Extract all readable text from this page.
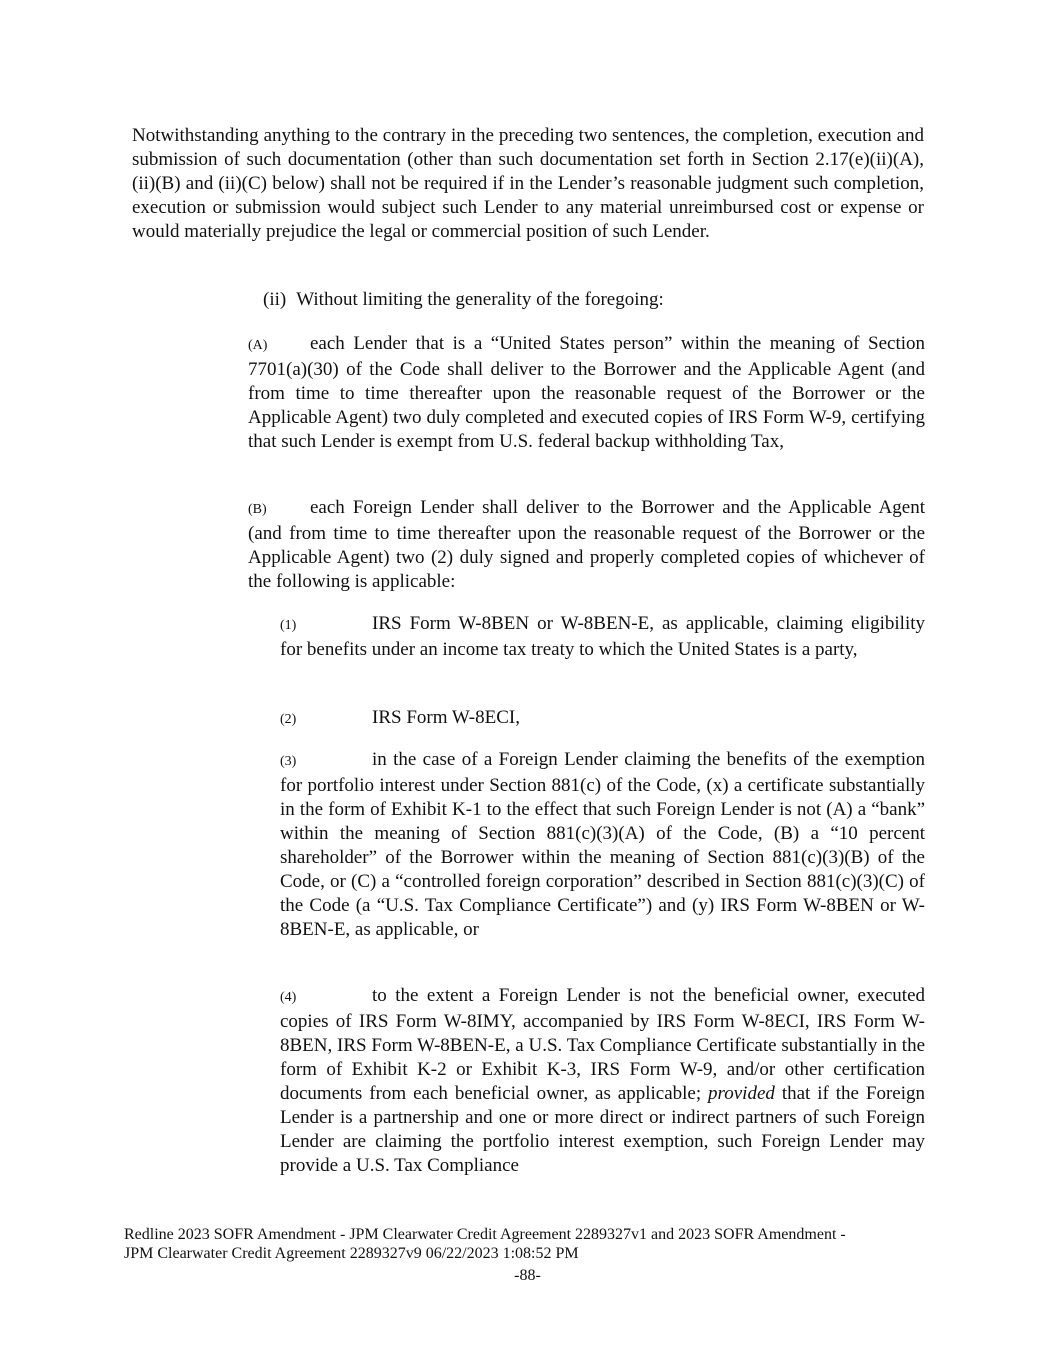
Notwithstanding anything to the contrary in the preceding two sentences, the completion, execution and submission of such documentation (other than such documentation set forth in Section 2.17(e)(ii)(A), (ii)(B) and (ii)(C) below) shall not be required if in the Lender’s reasonable judgment such completion, execution or submission would subject such Lender to any material unreimbursed cost or expense or would materially prejudice the legal or commercial position of such Lender.

(ii) Without limiting the generality of the foregoing:

(A) each Lender that is a “United States person” within the meaning of Section 7701(a)(30) of the Code shall deliver to the Borrower and the Applicable Agent (and from time to time thereafter upon the reasonable request of the Borrower or the Applicable Agent) two duly completed and executed copies of IRS Form W-9, certifying that such Lender is exempt from U.S. federal backup withholding Tax,

(B) each Foreign Lender shall deliver to the Borrower and the Applicable Agent (and from time to time thereafter upon the reasonable request of the Borrower or the Applicable Agent) two (2) duly signed and properly completed copies of whichever of the following is applicable:

(1)	IRS Form W-8BEN or W-8BEN-E, as applicable, claiming eligibility for benefits under an income tax treaty to which the United States is a party,

(2)	IRS Form W-8ECI,

(3)	in the case of a Foreign Lender claiming the benefits of the exemption for portfolio interest under Section 881(c) of the Code, (x) a certificate substantially in the form of Exhibit K-1 to the effect that such Foreign Lender is not (A) a “bank” within the meaning of Section 881(c)(3)(A) of the Code, (B) a “10 percent shareholder” of the Borrower within the meaning of Section 881(c)(3)(B) of the Code, or (C) a “controlled foreign corporation” described in Section 881(c)(3)(C) of the Code (a “U.S. Tax Compliance Certificate”) and (y) IRS Form W-8BEN or W-8BEN-E, as applicable, or

(4)	to the extent a Foreign Lender is not the beneficial owner, executed copies of IRS Form W-8IMY, accompanied by IRS Form W-8ECI, IRS Form W-8BEN, IRS Form W-8BEN-E, a U.S. Tax Compliance Certificate substantially in the form of Exhibit K-2 or Exhibit K-3, IRS Form W-9, and/or other certification documents from each beneficial owner, as applicable; provided that if the Foreign Lender is a partnership and one or more direct or indirect partners of such Foreign Lender are claiming the portfolio interest exemption, such Foreign Lender may provide a U.S. Tax Compliance

Redline 2023 SOFR Amendment - JPM Clearwater Credit Agreement 2289327v1 and 2023 SOFR Amendment -
JPM Clearwater Credit Agreement 2289327v9 06/22/2023 1:08:52 PM

-88-
